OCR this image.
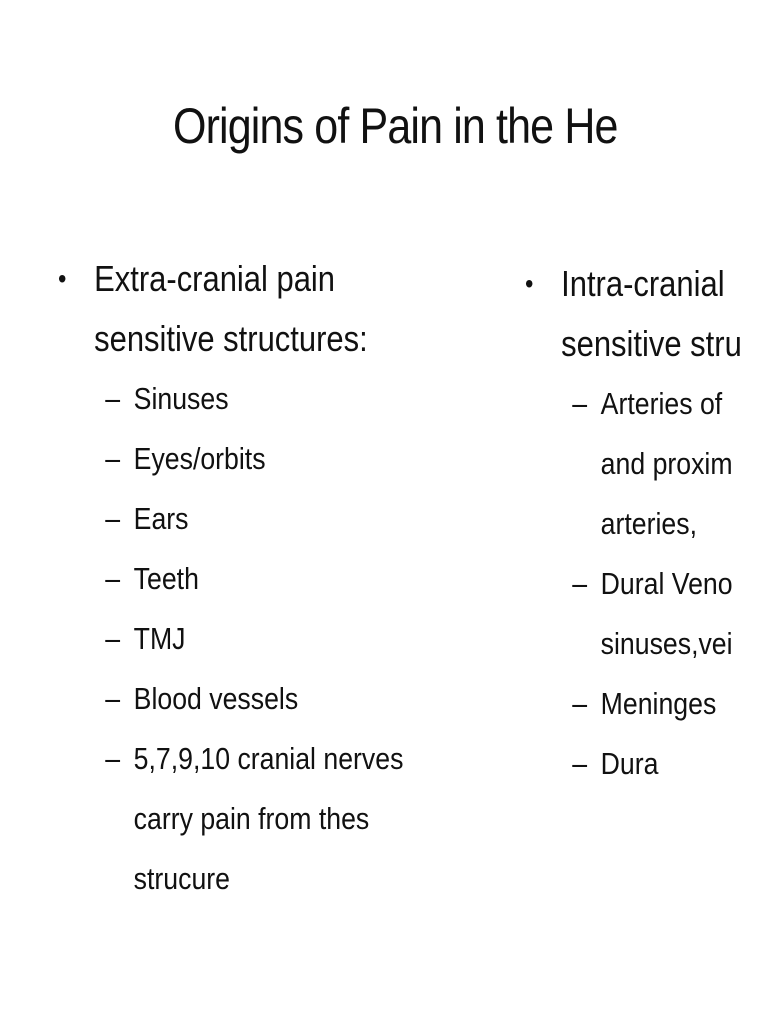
Origins of Pain in the He
• Extra-cranial pain
sensitive structures:
– Sinuses
– Eyes/orbits
– Ears
– Teeth
– TMJ
– Blood vessels
– 5,7,9,10 cranial nerves
carry pain from thes
strucure
• Intra-cranial
sensitive stru
– Arteries of
and proxim
arteries,
– Dural Veno
sinuses,vei
– Meninges
– Dura
